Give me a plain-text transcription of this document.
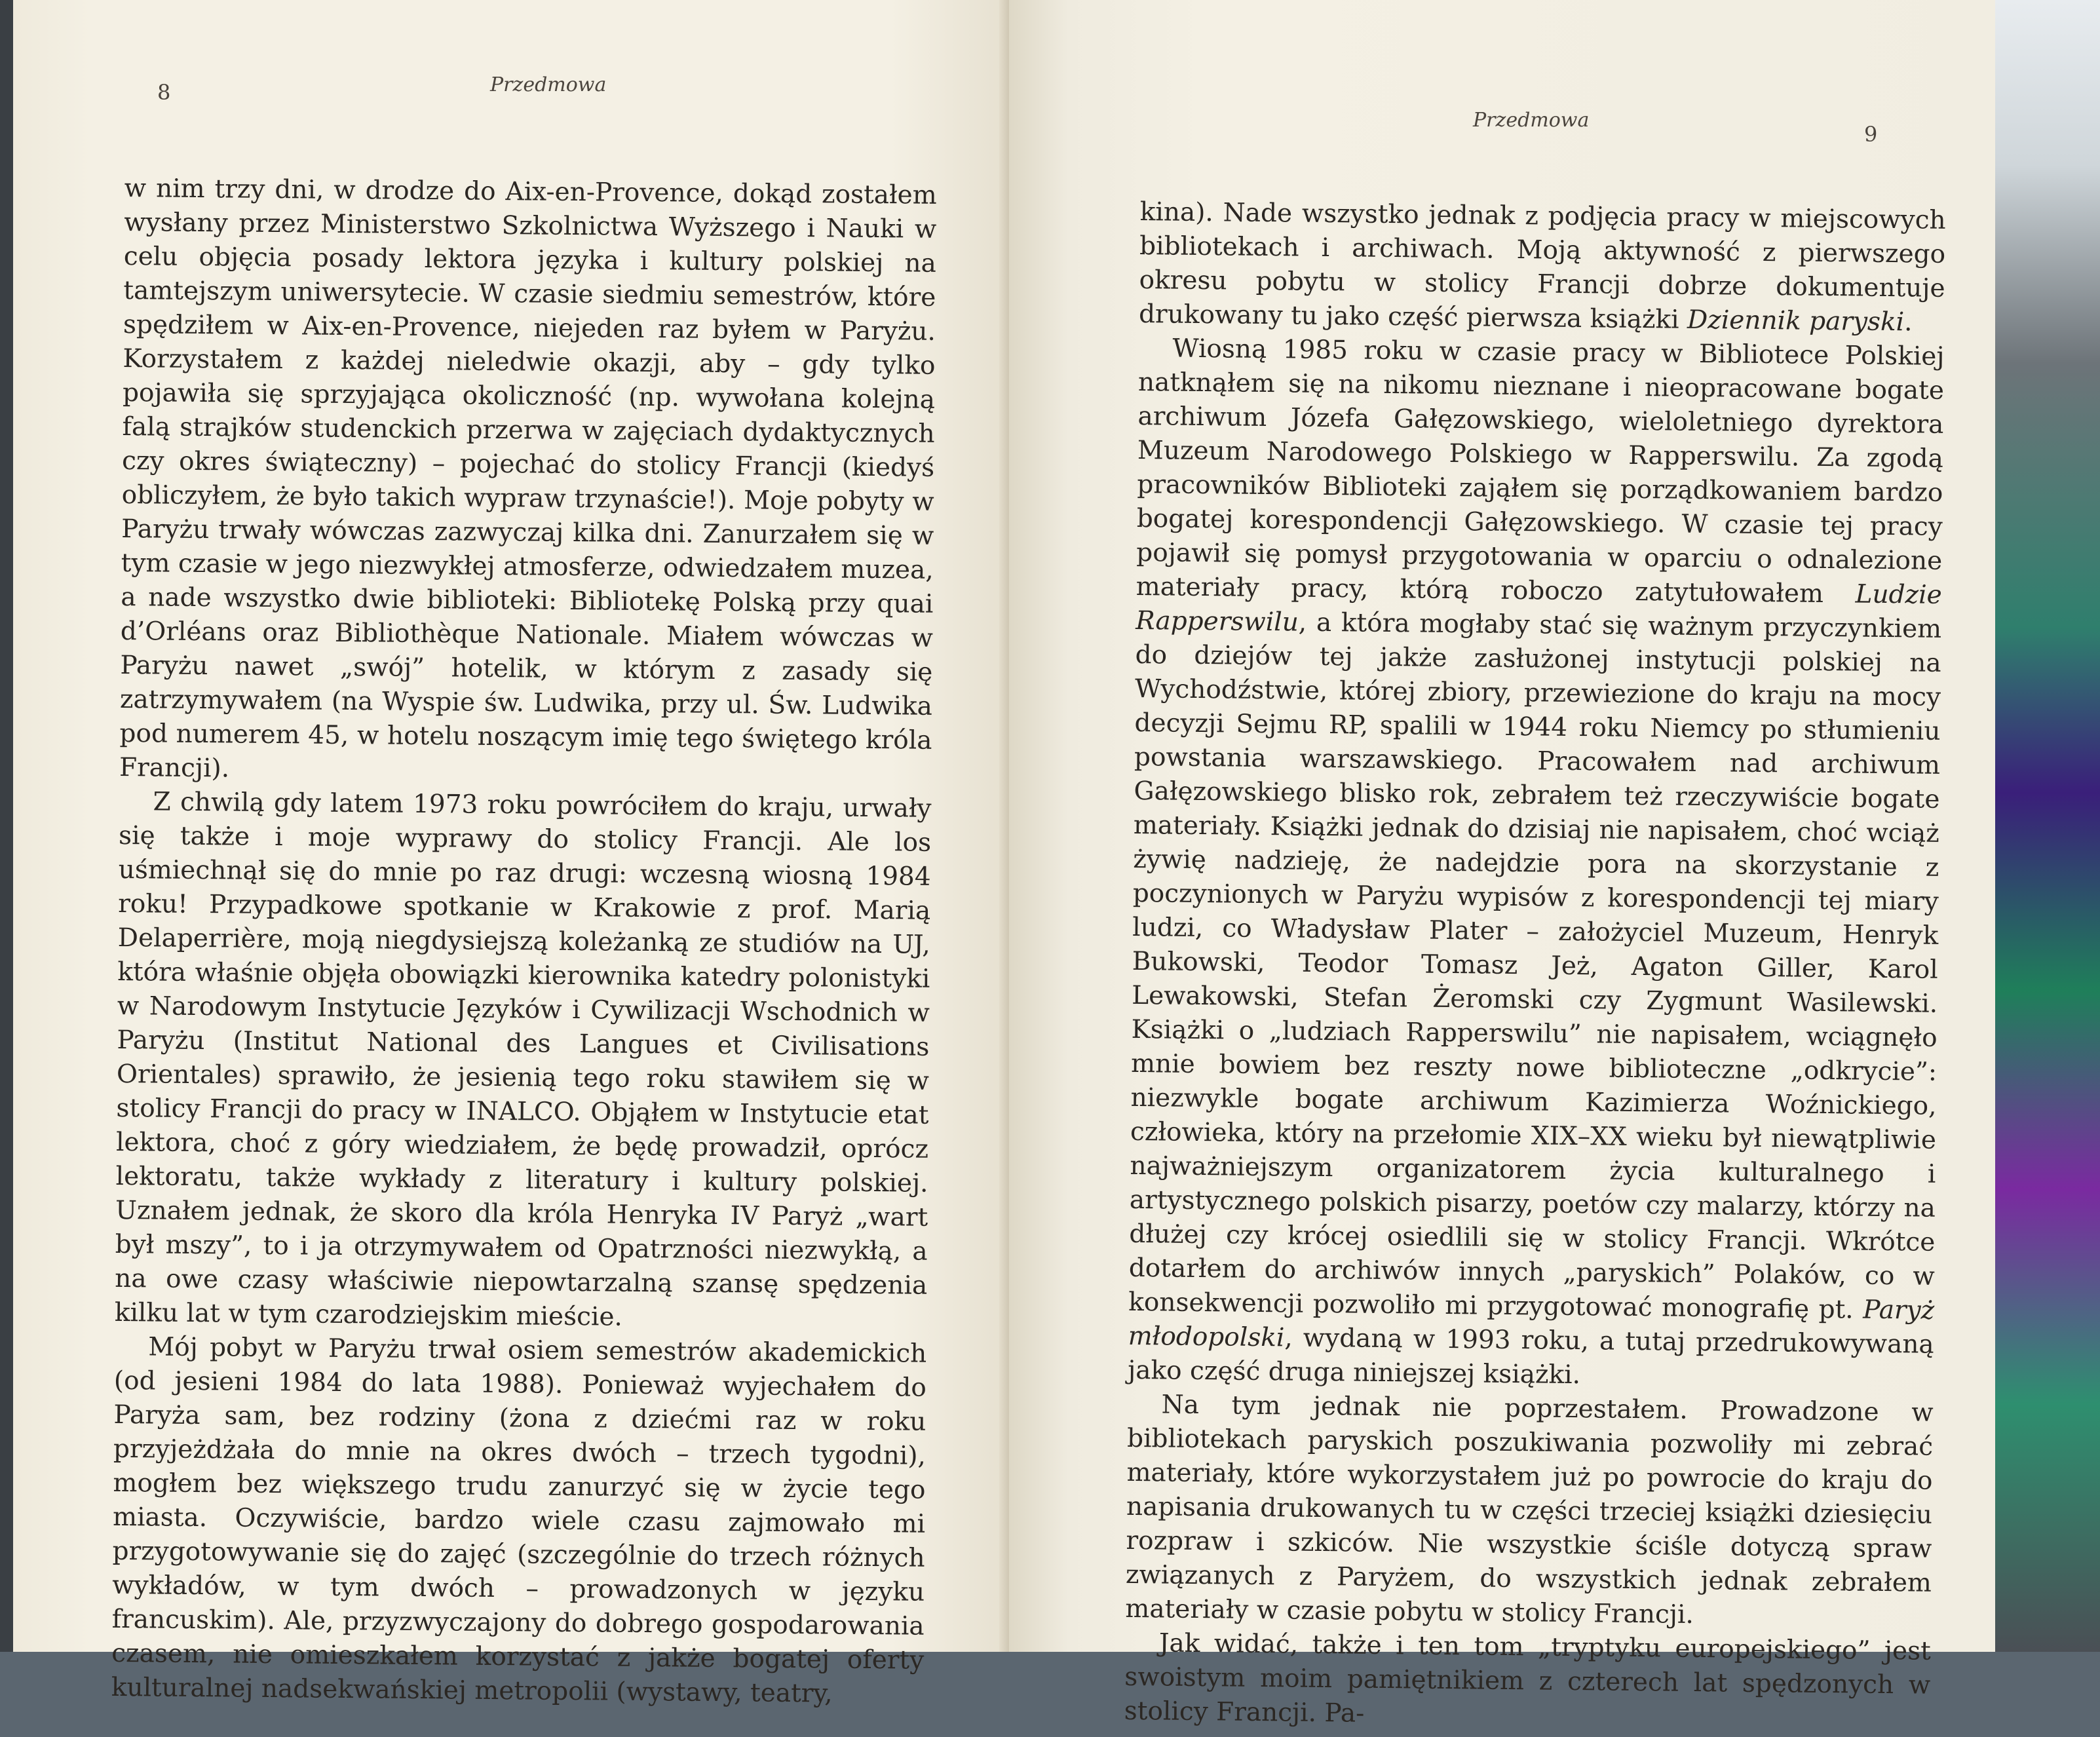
8	Przedmowa
Przedmowa
9

w nim trzy dni, w drodze do Aix-en-Provence, dokąd zostałem wysłany przez Ministerstwo Szkolnictwa Wyższego i Nauki w celu objęcia posady lektora języka i kultury polskiej na tamtejszym uniwersytecie. W czasie siedmiu semestrów, które spędziłem w Aix-en-Provence, niejeden raz byłem w Paryżu. Korzystałem z każdej nieledwie okazji, aby – gdy tylko pojawiła się sprzyjająca okoliczność (np. wywołana kolejną falą strajków studenckich przerwa w zajęciach dydaktycznych czy okres świąteczny) – pojechać do stolicy Francji (kiedyś obliczyłem, że było takich wypraw trzynaście!). Moje pobyty w Paryżu trwały wówczas zazwyczaj kilka dni. Zanurzałem się w tym czasie w jego niezwykłej atmosferze, odwiedzałem muzea, a nade wszystko dwie biblioteki: Bibliotekę Polską przy quai d’Orléans oraz Bibliothèque Nationale. Miałem wówczas w Paryżu nawet „swój” hotelik, w którym z zasady się zatrzymywałem (na Wyspie św. Ludwika, przy ul. Św. Ludwika pod numerem 45, w hotelu noszącym imię tego świętego króla Francji).

Z chwilą gdy latem 1973 roku powróciłem do kraju, urwały się także i moje wyprawy do stolicy Francji. Ale los uśmiechnął się do mnie po raz drugi: wczesną wiosną 1984 roku! Przypadkowe spotkanie w Krakowie z prof. Marią Delaperrière, moją niegdysiejszą koleżanką ze studiów na UJ, która właśnie objęła obowiązki kierownika katedry polonistyki w Narodowym Instytucie Języków i Cywilizacji Wschodnich w Paryżu (Institut National des Langues et Civilisations Orientales) sprawiło, że jesienią tego roku stawiłem się w stolicy Francji do pracy w INALCO. Objąłem w Instytucie etat lektora, choć z góry wiedziałem, że będę prowadził, oprócz lektoratu, także wykłady z literatury i kultury polskiej. Uznałem jednak, że skoro dla króla Henryka IV Paryż „wart był mszy”, to i ja otrzymywałem od Opatrzności niezwykłą, a na owe czasy właściwie niepowtarzalną szansę spędzenia kilku lat w tym czarodziejskim mieście.

Mój pobyt w Paryżu trwał osiem semestrów akademickich (od jesieni 1984 do lata 1988). Ponieważ wyjechałem do Paryża sam, bez rodziny (żona z dziećmi raz w roku przyjeżdżała do mnie na okres dwóch – trzech tygodni), mogłem bez większego trudu zanurzyć się w życie tego miasta. Oczywiście, bardzo wiele czasu zajmowało mi przygotowywanie się do zajęć (szczególnie do trzech różnych wykładów, w tym dwóch – prowadzonych w języku francuskim). Ale, przyzwyczajony do dobrego gospodarowania czasem, nie omieszkałem korzystać z jakże bogatej oferty kulturalnej nadsekwańskiej metropolii (wystawy, teatry,

kina). Nade wszystko jednak z podjęcia pracy w miejscowych bibliotekach i archiwach. Moją aktywność z pierwszego okresu pobytu w stolicy Francji dobrze dokumentuje drukowany tu jako część pierwsza książki Dziennik paryski.

Wiosną 1985 roku w czasie pracy w Bibliotece Polskiej natknąłem się na nikomu nieznane i nieopracowane bogate archiwum Józefa Gałęzowskiego, wieloletniego dyrektora Muzeum Narodowego Polskiego w Rapperswilu. Za zgodą pracowników Biblioteki zająłem się porządkowaniem bardzo bogatej korespondencji Gałęzowskiego. W czasie tej pracy pojawił się pomysł przygotowania w oparciu o odnalezione materiały pracy, którą roboczo zatytułowałem Ludzie Rapperswilu, a która mogłaby stać się ważnym przyczynkiem do dziejów tej jakże zasłużonej instytucji polskiej na Wychodźstwie, której zbiory, przewiezione do kraju na mocy decyzji Sejmu RP, spalili w 1944 roku Niemcy po stłumieniu powstania warszawskiego. Pracowałem nad archiwum Gałęzowskiego blisko rok, zebrałem też rzeczywiście bogate materiały. Książki jednak do dzisiaj nie napisałem, choć wciąż żywię nadzieję, że nadejdzie pora na skorzystanie z poczynionych w Paryżu wypisów z korespondencji tej miary ludzi, co Władysław Plater – założyciel Muzeum, Henryk Bukowski, Teodor Tomasz Jeż, Agaton Giller, Karol Lewakowski, Stefan Żeromski czy Zygmunt Wasilewski. Książki o „ludziach Rapperswilu” nie napisałem, wciągnęło mnie bowiem bez reszty nowe biblioteczne „odkrycie”: niezwykle bogate archiwum Kazimierza Woźnickiego, człowieka, który na przełomie XIX–XX wieku był niewątpliwie najważniejszym organizatorem życia kulturalnego i artystycznego polskich pisarzy, poetów czy malarzy, którzy na dłużej czy krócej osiedlili się w stolicy Francji. Wkrótce dotarłem do archiwów innych „paryskich” Polaków, co w konsekwencji pozwoliło mi przygotować monografię pt. Paryż młodopolski, wydaną w 1993 roku, a tutaj przedrukowywaną jako część druga niniejszej książki.

Na tym jednak nie poprzestałem. Prowadzone w bibliotekach paryskich poszukiwania pozwoliły mi zebrać materiały, które wykorzystałem już po powrocie do kraju do napisania drukowanych tu w części trzeciej książki dziesięciu rozpraw i szkiców. Nie wszystkie ściśle dotyczą spraw związanych z Paryżem, do wszystkich jednak zebrałem materiały w czasie pobytu w stolicy Francji.

Jak widać, także i ten tom „tryptyku europejskiego” jest swoistym moim pamiętnikiem z czterech lat spędzonych w stolicy Francji. Pa-
